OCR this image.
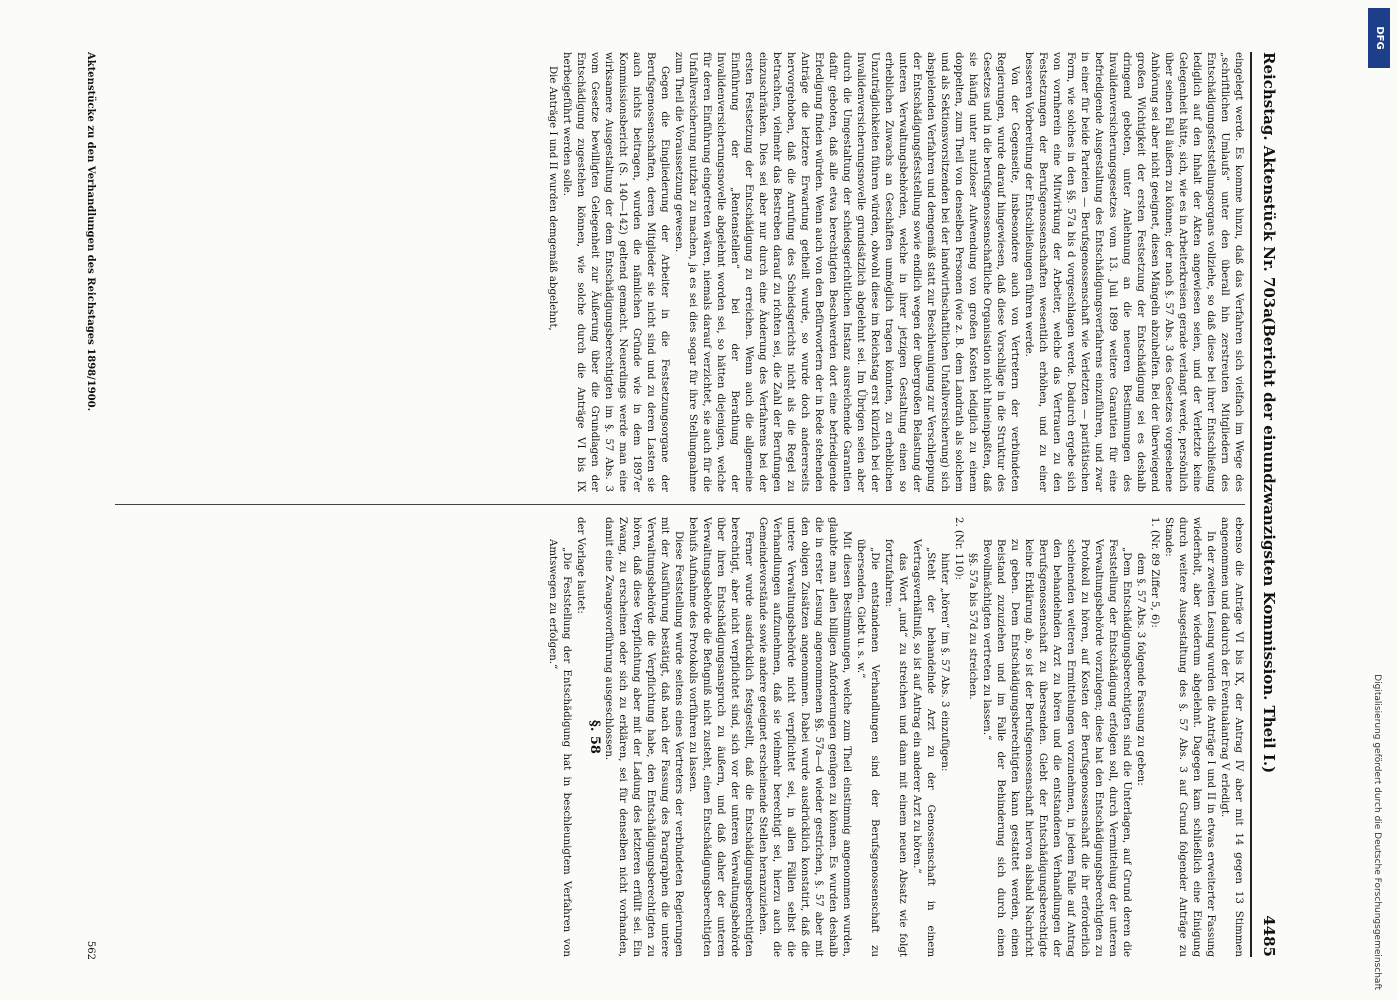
Reichstag. Aktenstück Nr. 703a.
(Bericht der einundzwanzigsten Kommission. Theil I.)
4485

eingelegt werde. Es komme hinzu, daß das Verfahren sich vielfach im Wege des „schriftlichen Umlaufs“ unter den überall hin zerstreuten Mitgliedern des Entschädigungsfeststellungsorgans vollziehe, so daß diese bei ihrer Entschließung lediglich auf den Inhalt der Akten angewiesen seien, und der Verletzte keine Gelegenheit hätte, sich, wie es in Arbeiterkreisen gerade verlangt werde, persönlich über seinen Fall äußern zu können; der nach §. 57 Abs. 3 des Gesetzes vorgesehene Anhörung sei aber nicht geeignet, diesen Mängeln abzuhelfen. Bei der überwiegend großen Wichtigkeit der ersten Festsetzung der Entschädigung sei es deshalb dringend geboten, unter Anlehnung an die neueren Bestimmungen des Invalidenversicherungsgesetzes vom 13. Juli 1899 weitere Garantien für eine befriedigende Ausgestaltung des Entschädigungsverfahrens einzuführen, und zwar in einer für beide Parteien — Berufsgenossenschaft wie Verletzten — paritätischen Form, wie solches in den §§. 57a bis d vorgeschlagen werde. Dadurch ergebe sich von vornherein eine Mitwirkung der Arbeiter, welche das Vertrauen zu den Festsetzungen der Berufsgenossenschaften wesentlich erhöhen, und zu einer besseren Vorbereitung der Entschließungen führen werde.

Von der Gegenseite, insbesondere auch von Vertretern der verbündeten Regierungen, wurde darauf hingewiesen, daß diese Vorschläge in die Struktur des Gesetzes und in die berufsgenossenschaftliche Organisation nicht hineinpaßten, daß sie häufig unter nutzloser Aufwendung von großen Kosten lediglich zu einem doppelten, zum Theil von denselben Personen (wie z. B. dem Landrath als solchem und als Sektionsvorsitzenden bei der landwirthschaftlichen Unfallversicherung) sich abspielenden Verfahren und demgemäß statt zur Beschleunigung zur Verschleppung der Entschädigungsfeststellung sowie endlich wegen der übergroßen Belastung der unteren Verwaltungsbehörden, welche in ihrer jetzigen Gestaltung einen so erheblichen Zuwachs an Geschäften unmöglich tragen könnten, zu erheblichen Unzuträglichkeiten führen würden, obwohl diese im Reichstag erst kürzlich bei der Invalidenversicherungsnovelle grundsätzlich abgelehnt sei. Im Übrigen seien aber durch die Umgestaltung der schiedsgerichtlichen Instanz ausreichende Garantien dafür geboten, daß alle etwa berechtigten Beschwerden dort eine befriedigende Erledigung finden würden. Wenn auch von den Befürwortern der in Rede stehenden Anträge die letztere Erwartung getheilt wurde, so wurde doch andererseits hervorgehoben, daß die Anrufung des Schiedsgerichts nicht als die Regel zu betrachten, vielmehr das Bestreben darauf zu richten sei, die Zahl der Berufungen einzuschränken. Dies sei aber nur durch eine Änderung des Verfahrens bei der ersten Festsetzung der Entschädigung zu erreichen. Wenn auch die allgemeine Einführung der „Rentenstellen“ bei der Berathung der Invalidenversicherungsnovelle abgelehnt worden sei, so hätten diejenigen, welche für deren Einführung eingetreten wären, niemals darauf verzichtet, sie auch für die Unfallversicherung nutzbar zu machen, ja es sei dies sogar für ihre Stellungnahme zum Theil die Voraussetzung gewesen.

Gegen die Eingliederung der Arbeiter in die Festsetzungsorgane der Berufsgenossenschaften, deren Mitglieder sie nicht sind und zu deren Lasten sie auch nichts beitragen, wurden die nämlichen Gründe wie in dem 1897er Kommissionsbericht (S. 140—142) geltend gemacht. Neuerdings werde man eine wirksamere Ausgestaltung der dem Entschädigungsberechtigten im §. 57 Abs. 3 vom Gesetze bewilligten Gelegenheit zur Äußerung über die Grundlagen der Entschädigung zugestehen können, wie solche durch die Anträge VI bis IX herbeigeführt werden solle.

Die Anträge I und II wurden demgemäß abgelehnt,

ebenso die Anträge VI bis IX, der Antrag IV aber mit 14 gegen 13 Stimmen angenommen und dadurch der Eventualantrag V erledigt.

In der zweiten Lesung wurden die Anträge I und II in etwas erweiterter Fassung wiederholt, aber wiederum abgelehnt. Dagegen kam schließlich eine Einigung durch weitere Ausgestaltung des §. 57 Abs. 3 auf Grund folgender Anträge zu Stande:

1. (Nr. 89 Ziffer 5, 6):

dem §. 57 Abs. 3 folgende Fassung zu geben:

„Dem Entschädigungsberechtigten sind die Unterlagen, auf Grund deren die Feststellung der Entschädigung erfolgen soll, durch Vermittelung der unteren Verwaltungsbehörde vorzulegen; diese hat den Entschädigungsberechtigten zu Protokoll zu hören, auf Kosten der Berufsgenossenschaft die ihr erforderlich scheinenden weiteren Ermittelungen vorzunehmen, in jedem Falle auf Antrag den behandelnden Arzt zu hören und die entstandenen Verhandlungen der Berufsgenossenschaft zu übersenden. Giebt der Entschädigungsberechtigte keine Erklärung ab, so ist der Berufsgenossenschaft hiervon alsbald Nachricht zu geben. Dem Entschädigungsberechtigten kann gestattet werden, einen Beistand zuzuziehen und im Falle der Behinderung sich durch einen Bevollmächtigten vertreten zu lassen.“

§§. 57a bis 57d zu streichen.

2. (Nr. 110):

hinter „hören“ im §. 57 Abs. 3 einzufügen:

„Steht der behandelnde Arzt zu der Genossenschaft in einem Vertragsverhältniß, so ist auf Antrag ein anderer Arzt zu hören.“

das Wort „und“ zu streichen und dann mit einem neuen Absatz wie folgt fortzufahren:

„Die entstandenen Verhandlungen sind der Berufsgenossenschaft zu übersenden. Giebt u. s. w.“

Mit diesen Bestimmungen, welche zum Theil einstimmig angenommen wurden, glaubte man allen billigen Anforderungen genügen zu können. Es wurden deshalb die in erster Lesung angenommenen §§. 57a—d wieder gestrichen, §. 57 aber mit den obigen Zusätzen angenommen. Dabei wurde ausdrücklich konstatirt, daß die untere Verwaltungsbehörde nicht verpflichtet sei, in allen Fällen selbst die Verhandlungen aufzunehmen, daß sie vielmehr berechtigt sei, hierzu auch die Gemeindevorstände sowie andere geeignet erscheinende Stellen heranzuziehen.

Ferner wurde ausdrücklich festgestellt, daß die Entschädigungsberechtigten berechtigt, aber nicht verpflichtet sind, sich vor der unteren Verwaltungsbehörde über ihren Entschädigungsanspruch zu äußern, und daß daher der unteren Verwaltungsbehörde die Befugniß nicht zusteht, einen Entschädigungsberechtigten behufs Aufnahme des Protokolls vorführen zu lassen.

Diese Feststellung wurde seitens eines Vertreters der verbündeten Regierungen mit der Ausführung bestätigt, daß nach der Fassung des Paragraphen die untere Verwaltungsbehörde die Verpflichtung habe, den Entschädigungsberechtigten zu hören, daß diese Verpflichtung aber mit der Ladung des letzteren erfüllt sei. Ein Zwang, zu erscheinen oder sich zu erklären, sei für denselben nicht vorhanden, damit eine Zwangsvorführung ausgeschlossen.

§. 58

der Vorlage lautet:

„Die Feststellung der Entschädigung hat in beschleunigtem Verfahren von Amtswegen zu erfolgen.“

Aktenstücke zu den Verhandlungen des Reichstages 1898/1900.
562
DFG
Digitalisierung gefördert durch die Deutsche Forschungsgemeinschaft
